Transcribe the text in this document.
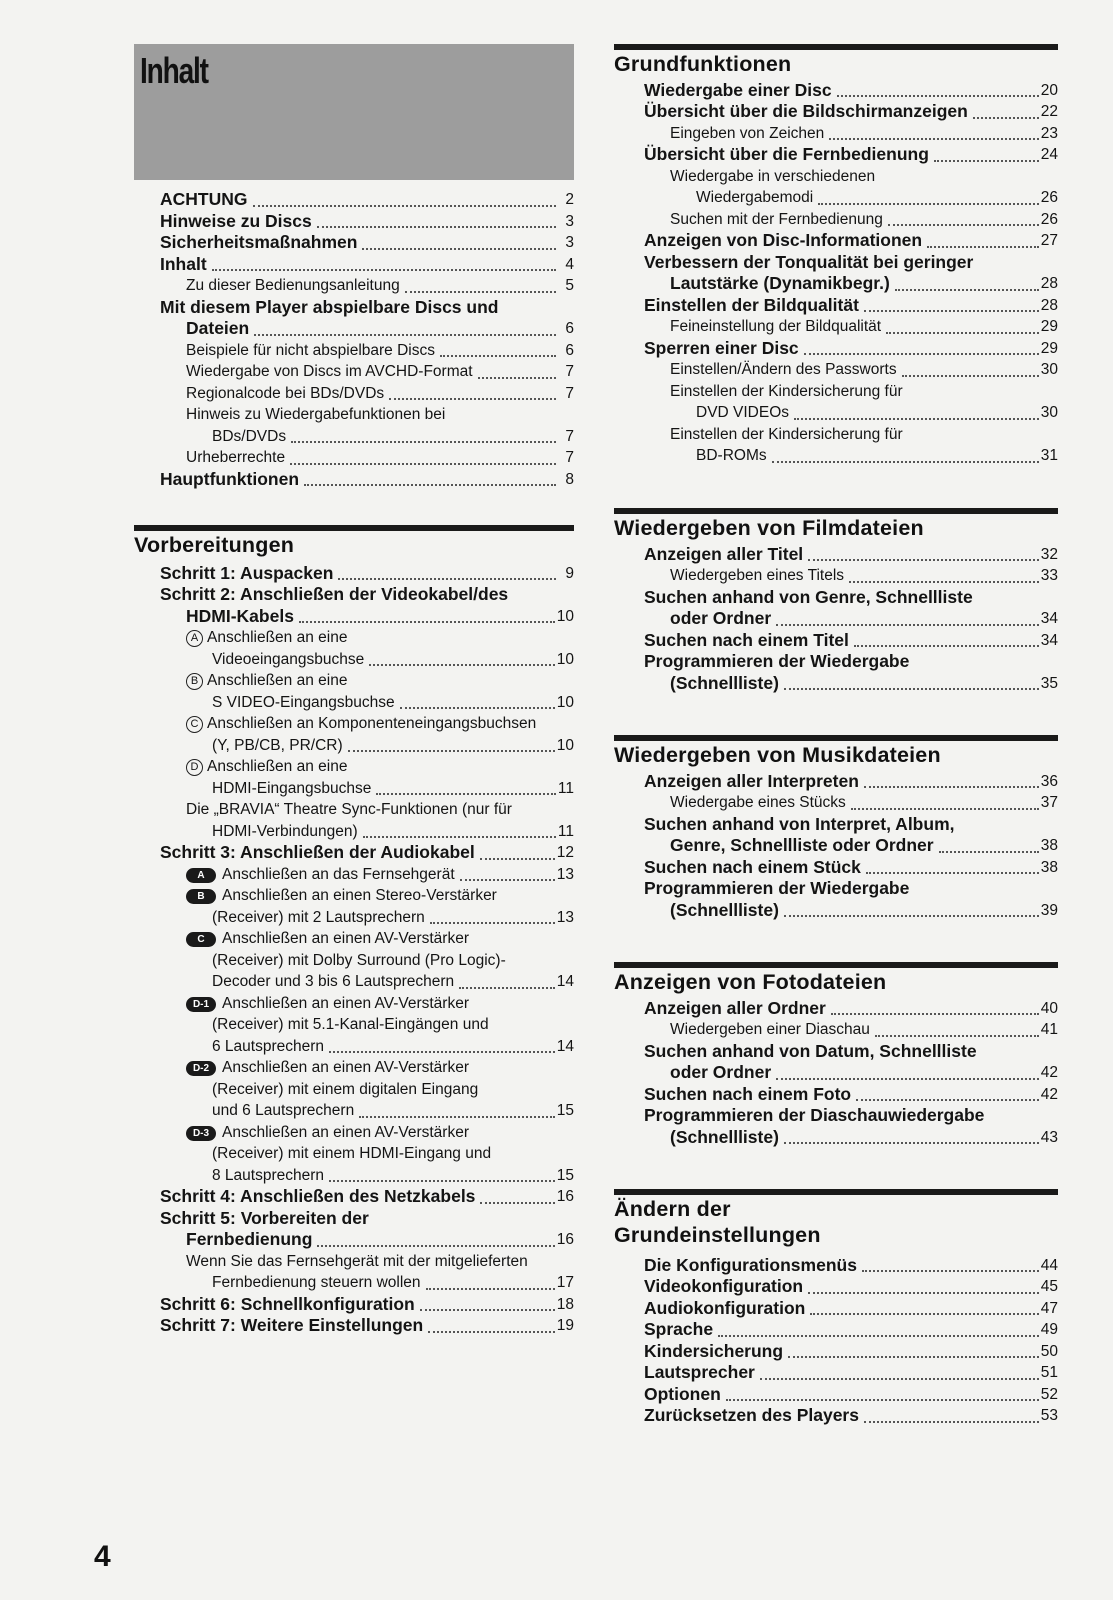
Inhalt
ACHTUNG	2
Hinweise zu Discs	3
Sicherheitsmaßnahmen	3
Inhalt	4
Zu dieser Bedienungsanleitung	5
Mit diesem Player abspielbare Discs und
Dateien	6
Beispiele für nicht abspielbare Discs	6
Wiedergabe von Discs im AVCHD-Format	7
Regionalcode bei BDs/DVDs	7
Hinweis zu Wiedergabefunktionen bei
BDs/DVDs	7
Urheberrechte	7
Hauptfunktionen	8
Vorbereitungen
Schritt 1: Auspacken	9
Schritt 2: Anschließen der Videokabel/des
HDMI-Kabels	10
A Anschließen an eine
Videoeingangsbuchse	10
B Anschließen an eine
S VIDEO-Eingangsbuchse	10
C Anschließen an Komponenteneingangsbuchsen
(Y, PB/CB, PR/CR)	10
D Anschließen an eine
HDMI-Eingangsbuchse	11
Die „BRAVIA“ Theatre Sync-Funktionen (nur für
HDMI-Verbindungen)	11
Schritt 3: Anschließen der Audiokabel	12
A Anschließen an das Fernsehgerät	13
B Anschließen an einen Stereo-Verstärker
(Receiver) mit 2 Lautsprechern	13
C Anschließen an einen AV-Verstärker
(Receiver) mit Dolby Surround (Pro Logic)-
Decoder und 3 bis 6 Lautsprechern	14
D-1 Anschließen an einen AV-Verstärker
(Receiver) mit 5.1-Kanal-Eingängen und
6 Lautsprechern	14
D-2 Anschließen an einen AV-Verstärker
(Receiver) mit einem digitalen Eingang
und 6 Lautsprechern	15
D-3 Anschließen an einen AV-Verstärker
(Receiver) mit einem HDMI-Eingang und
8 Lautsprechern	15
Schritt 4: Anschließen des Netzkabels	16
Schritt 5: Vorbereiten der
Fernbedienung	16
Wenn Sie das Fernsehgerät mit der mitgelieferten
Fernbedienung steuern wollen	17
Schritt 6: Schnellkonfiguration	18
Schritt 7: Weitere Einstellungen	19
Grundfunktionen
Wiedergabe einer Disc	20
Übersicht über die Bildschirmanzeigen	22
Eingeben von Zeichen	23
Übersicht über die Fernbedienung	24
Wiedergabe in verschiedenen
Wiedergabemodi	26
Suchen mit der Fernbedienung	26
Anzeigen von Disc-Informationen	27
Verbessern der Tonqualität bei geringer
Lautstärke (Dynamikbegr.)	28
Einstellen der Bildqualität	28
Feineinstellung der Bildqualität	29
Sperren einer Disc	29
Einstellen/Ändern des Passworts	30
Einstellen der Kindersicherung für
DVD VIDEOs	30
Einstellen der Kindersicherung für
BD-ROMs	31
Wiedergeben von Filmdateien
Anzeigen aller Titel	32
Wiedergeben eines Titels	33
Suchen anhand von Genre, Schnellliste
oder Ordner	34
Suchen nach einem Titel	34
Programmieren der Wiedergabe
(Schnellliste)	35
Wiedergeben von Musikdateien
Anzeigen aller Interpreten	36
Wiedergabe eines Stücks	37
Suchen anhand von Interpret, Album,
Genre, Schnellliste oder Ordner	38
Suchen nach einem Stück	38
Programmieren der Wiedergabe
(Schnellliste)	39
Anzeigen von Fotodateien
Anzeigen aller Ordner	40
Wiedergeben einer Diaschau	41
Suchen anhand von Datum, Schnellliste
oder Ordner	42
Suchen nach einem Foto	42
Programmieren der Diaschauwiedergabe
(Schnellliste)	43
Ändern der
Grundeinstellungen
Die Konfigurationsmenüs	44
Videokonfiguration	45
Audiokonfiguration	47
Sprache	49
Kindersicherung	50
Lautsprecher	51
Optionen	52
Zurücksetzen des Players	53
4
